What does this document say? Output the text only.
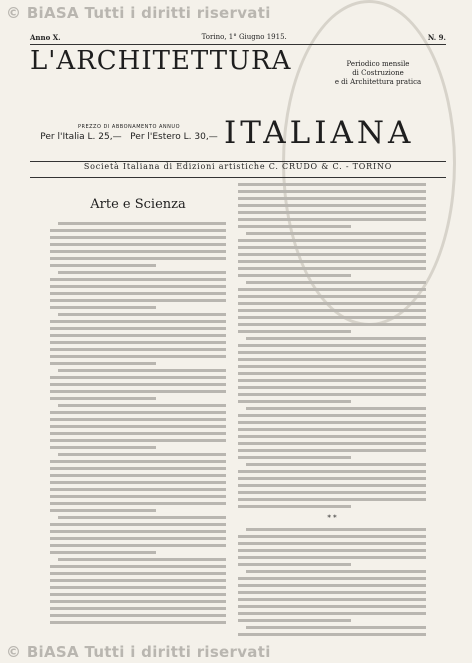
© BiASA Tutti i diritti riservati
Anno X.	Torino, 1° Giugno 1915.	N. 9.
L'ARCHITETTURA	Periodico mensile
di Costruzione
e di Architettura pratica
PREZZO DI ABBONAMENTO ANNUO
Per l'Italia L. 25,— Per l'Estero L. 30,— ITALIANA
Società Italiana di Edizioni artistiche C. CRUDO & C. - TORINO
Arte e Scienza
* *
© BiASA Tutti i diritti riservati
